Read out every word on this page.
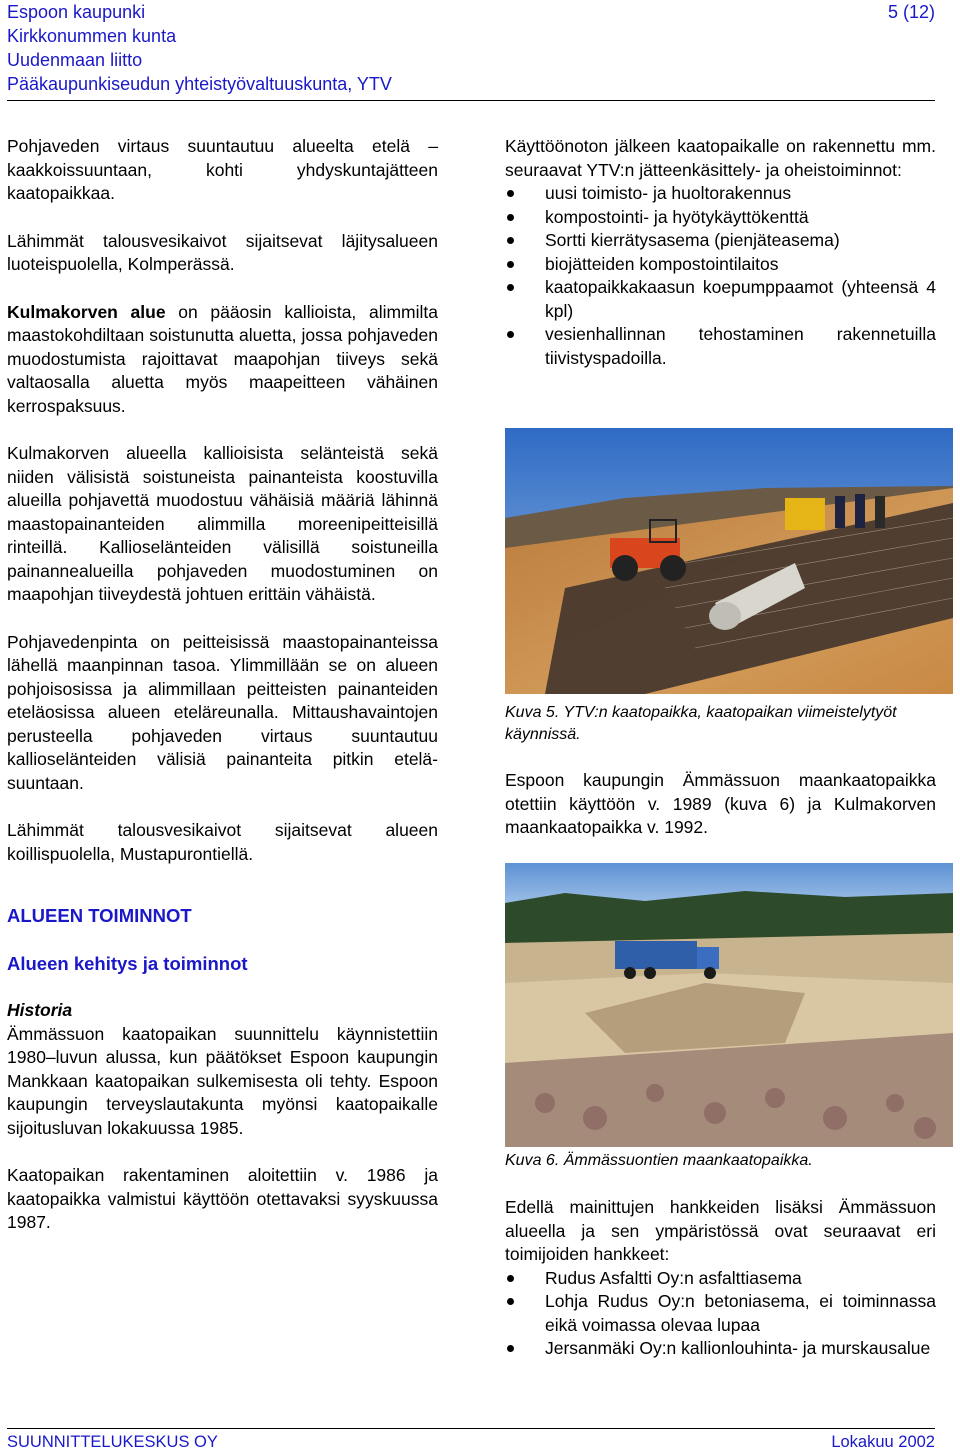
Espoon kaupunki
Kirkkonummen kunta
Uudenmaan liitto
Pääkaupunkiseudun yhteistyövaltuuskunta, YTV
5 (12)

Pohjaveden virtaus suuntautuu alueelta etelä – kaakkoissuuntaan, kohti yhdyskuntajätteen kaatopaikkaa.

Lähimmät talousvesikaivot sijaitsevat läjitysalueen luoteispuolella, Kolmperässä.

Kulmakorven alue on pääosin kallioista, alimmilta maastokohdiltaan soistunutta aluetta, jossa pohjaveden muodostumista rajoittavat maapohjan tiiveys sekä valtaosalla aluetta myös maapeitteen vähäinen kerrospaksuus.

Kulmakorven alueella kallioisista selänteistä sekä niiden välisistä soistuneista painanteista koostuvilla alueilla pohjavettä muodostuu vähäisiä määriä lähinnä maastopainanteiden alimmilla moreenipeitteisillä rinteillä. Kallioselänteiden välisillä soistuneilla painannealueilla pohjaveden muodostuminen on maapohjan tiiveydestä johtuen erittäin vähäistä.

Pohjavedenpinta on peitteisissä maastopainanteissa lähellä maanpinnan tasoa. Ylimmillään se on alueen pohjoisosissa ja alimmillaan peitteisten painanteiden eteläosissa alueen eteläreunalla. Mittaushavaintojen perusteella pohjaveden virtaus suuntautuu kallioselänteiden välisiä painanteita pitkin eteläsuuntaan.

Lähimmät talousvesikaivot sijaitsevat alueen koillispuolella, Mustapurontiellä.

ALUEEN TOIMINNOT

Alueen kehitys ja toiminnot

Historia

Ämmässuon kaatopaikan suunnittelu käynnistettiin 1980–luvun alussa, kun päätökset Espoon kaupungin Mankkaan kaatopaikan sulkemisesta oli tehty. Espoon kaupungin terveyslautakunta myönsi kaatopaikalle sijoitusluvan lokakuussa 1985.

Kaatopaikan rakentaminen aloitettiin v. 1986 ja kaatopaikka valmistui käyttöön otettavaksi syyskuussa 1987.

Käyttöönoton jälkeen kaatopaikalle on rakennettu mm. seuraavat YTV:n jätteenkäsittely- ja oheistoiminnot:

uusi toimisto- ja huoltorakennus
kompostointi- ja hyötykäyttökenttä
Sortti kierrätysasema (pienjäteasema)
biojätteiden kompostointilaitos
kaatopaikkakaasun koepumppaamot (yhteensä 4 kpl)
vesienhallinnan tehostaminen rakennetuilla tiivistyspadoilla.

Kuva 5. YTV:n kaatopaikka, kaatopaikan viimeistelytyöt käynnissä.

Espoon kaupungin Ämmässuon maankaatopaikka otettiin käyttöön v. 1989 (kuva 6) ja Kulmakorven maankaatopaikka v. 1992.

Kuva 6. Ämmässuontien maankaatopaikka.

Edellä mainittujen hankkeiden lisäksi Ämmässuon alueella ja sen ympäristössä ovat seuraavat eri toimijoiden hankkeet:

Rudus Asfaltti Oy:n asfalttiasema
Lohja Rudus Oy:n betoniasema, ei toiminnassa eikä voimassa olevaa lupaa
Jersanmäki Oy:n kallionlouhinta- ja murskausalue
SUUNNITTELUKESKUS OY	Lokakuu 2002
